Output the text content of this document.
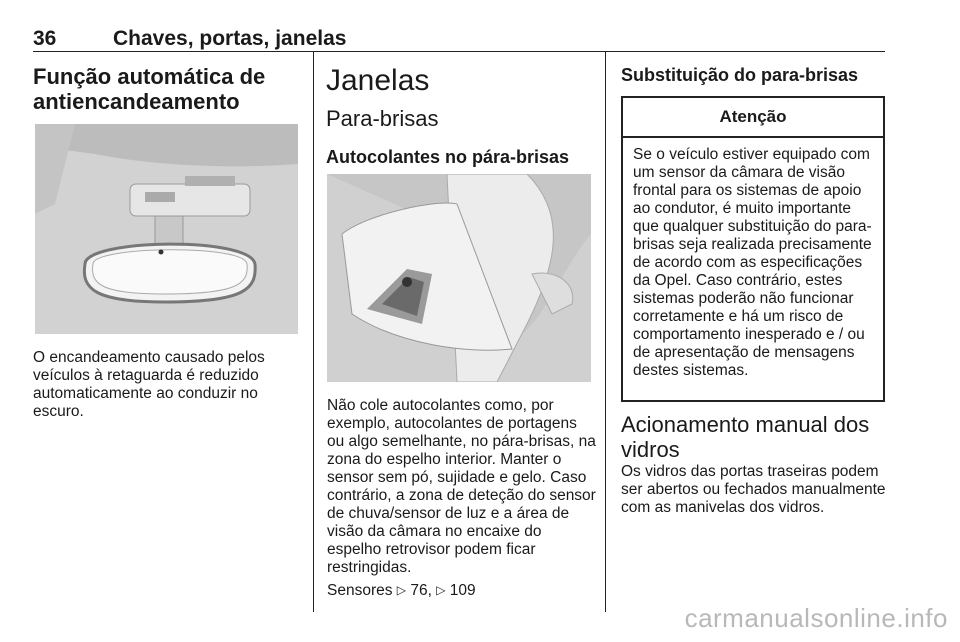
36	Chaves, portas, janelas
Função automática de antiencandeamento
O encandeamento causado pelos veículos à retaguarda é reduzido automaticamente ao conduzir no escuro.
Janelas
Para-brisas
Autocolantes no pára-brisas
Não cole autocolantes como, por exemplo, autocolantes de portagens ou algo semelhante, no pára-brisas, na zona do espelho interior. Manter o sensor sem pó, sujidade e gelo. Caso contrário, a zona de deteção do sensor de chuva/sensor de luz e a área de visão da câmara no encaixe do espelho retrovisor podem ficar restringidas.
Sensores ▷ 76, ▷ 109
Substituição do para-brisas
Atenção
Se o veículo estiver equipado com um sensor da câmara de visão frontal para os sistemas de apoio ao condutor, é muito importante que qualquer substituição do para-brisas seja realizada precisamente de acordo com as especificações da Opel. Caso contrário, estes sistemas poderão não funcionar corretamente e há um risco de comportamento inesperado e / ou de apresentação de mensagens destes sistemas.
Acionamento manual dos vidros
Os vidros das portas traseiras podem ser abertos ou fechados manualmente com as manivelas dos vidros.
carmanualsonline.info
